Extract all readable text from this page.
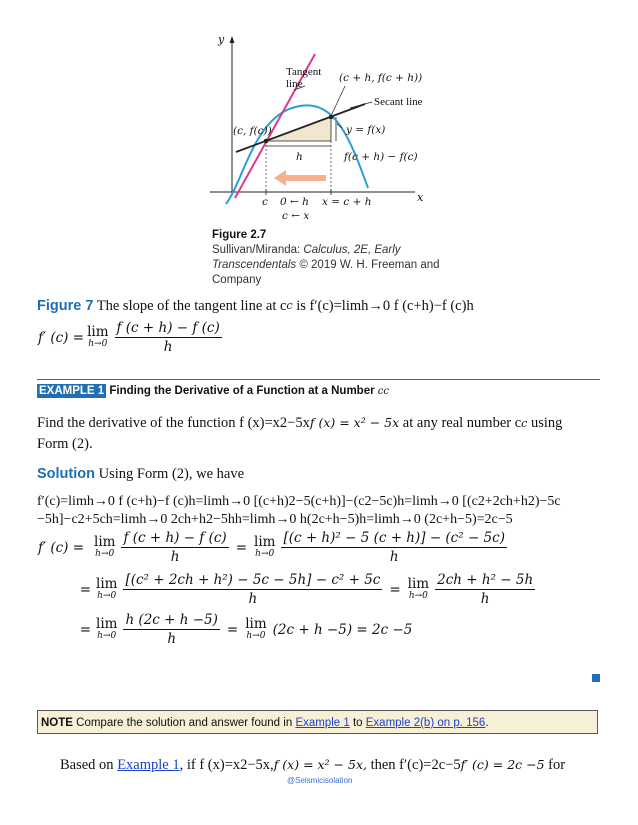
y
x
Tangent
line	(c + h, f(c + h))
Secant line
(c, f(c))	y = f(x)
h	f(c + h) − f(c)
c 0 ← h
c ← x
x = c + h
Figure 2.7
Sullivan/Miranda: Calculus, 2E, Early
Transcendentals © 2019 W. H. Freeman and
Company
Figure 7 The slope of the tangent line at cc is f′(c)=limh→0 f (c+h)−f (c)h
f′ (c) = lim
$h\to 0 \frac{f (c + h) - f (c)}{h}$
EXAMPLE 1 Finding the Derivative of a Function at a Number cc
Find the derivative of the function f (x)=x2−5xf (x) = x² − 5x at any real number cc using
Form (2).
Solution Using Form (2), we have
f′(c)=limh→0 f (c+h)−f (c)h=limh→0 [(c+h)2−5(c+h)]−(c2−5c)h=limh→0 [(c2+2ch+h2)−5c
−5h]−c2+5ch=limh→0 2ch+h2−5hh=limh→0 h(2c+h−5)h=limh→0 (2c+h−5)=2c−5
f′ (c) = lim
$h\to 0 \frac{f (c + h) - f (c)}{h} = \lim$
$h\to 0 \frac{\text{[(c + h)² − 5 (c + h)] − (c² − 5c)}}{h}$
= lim
$h\to 0 \frac{\text{[(c² + 2ch + h²) − 5c − 5h] − c² + 5c}}{h} = \lim$
$h\to 0 \frac{\text{2ch + h² − 5h}}{h}$
= lim
$h\to 0 \frac{h (2c + h -5)}{h} = \lim$
h→0 (2c + h −5) = 2c −5
NOTE Compare the solution and answer found in Example 1 to Example 2(b) on p. 156.
Based on Example 1, if f (x)=x2−5x,f (x) = x² − 5x, then f′(c)=2c−5f′ (c) = 2c −5 for
@Seismicisolation
